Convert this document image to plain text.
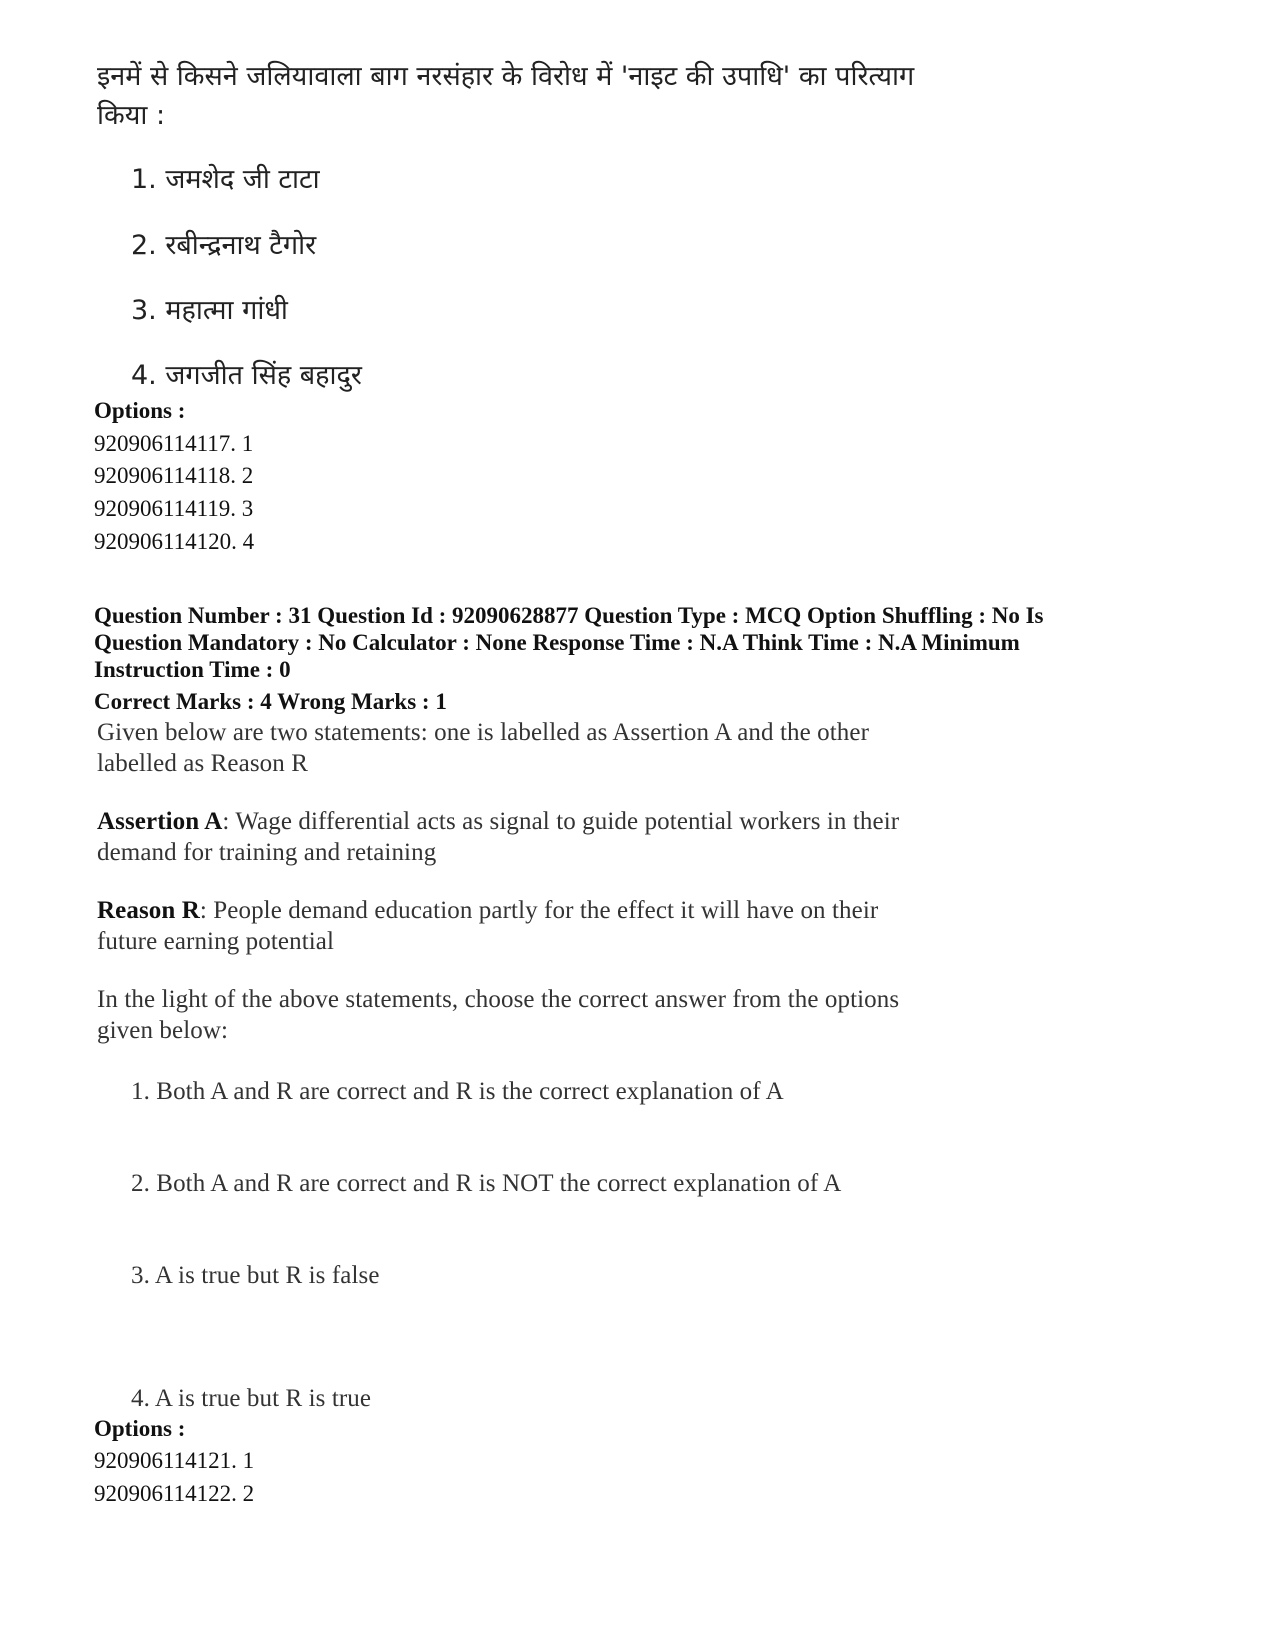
इनमें से किसने जलियावाला बाग नरसंहार के विरोध में 'नाइट की उपाधि' का परित्याग
किया :
1. जमशेद जी टाटा
2. रबीन्द्रनाथ टैगोर
3. महात्मा गांधी
4. जगजीत सिंह बहादुर
Options :
920906114117. 1
920906114118. 2
920906114119. 3
920906114120. 4
Question Number : 31 Question Id : 92090628877 Question Type : MCQ Option Shuffling : No Is
Question Mandatory : No Calculator : None Response Time : N.A Think Time : N.A Minimum
Instruction Time : 0
Correct Marks : 4 Wrong Marks : 1
Given below are two statements: one is labelled as Assertion A and the other
labelled as Reason R
Assertion A: Wage differential acts as signal to guide potential workers in their
demand for training and retaining
Reason R: People demand education partly for the effect it will have on their
future earning potential
In the light of the above statements, choose the correct answer from the options
given below:
1. Both A and R are correct and R is the correct explanation of A
2. Both A and R are correct and R is NOT the correct explanation of A
3. A is true but R is false
4. A is true but R is true
Options :
920906114121. 1
920906114122. 2
